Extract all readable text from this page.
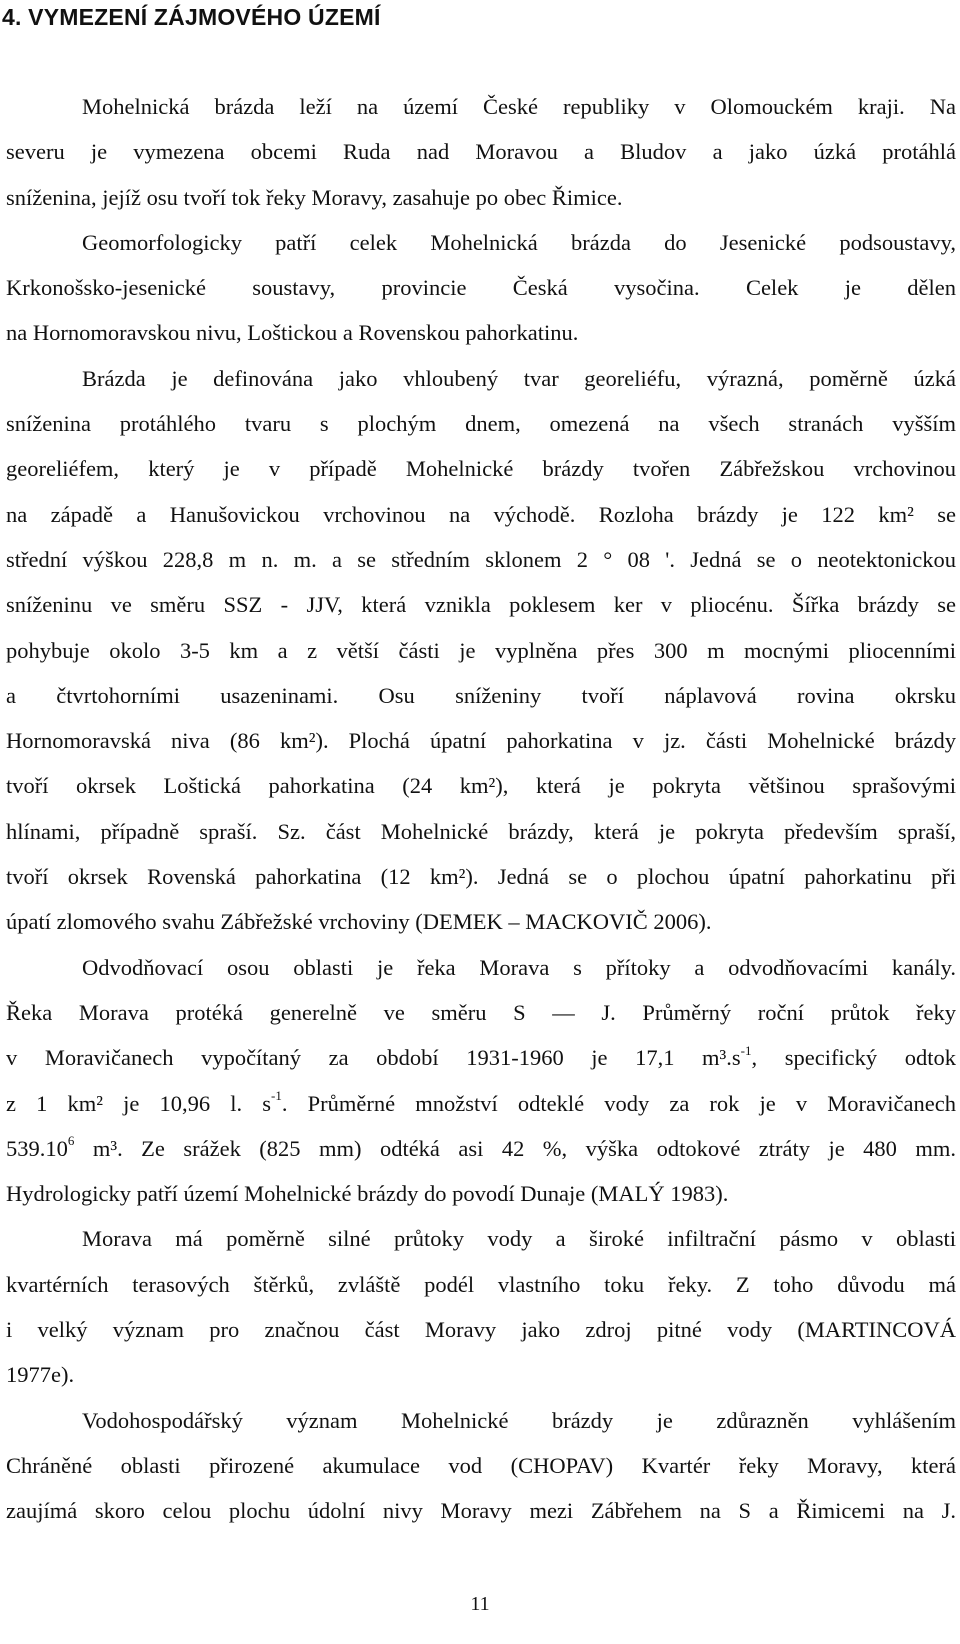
4. VYMEZENÍ ZÁJMOVÉHO ÚZEMÍ
Mohelnická brázda leží na území České republiky v Olomouckém kraji. Na
severu je vymezena obcemi Ruda nad Moravou a Bludov a jako úzká protáhlá
sníženina, jejíž osu tvoří tok řeky Moravy, zasahuje po obec Řimice.
Geomorfologicky patří celek Mohelnická brázda do Jesenické podsoustavy,
Krkonošsko-jesenické soustavy, provincie Česká vysočina. Celek je dělen
na Hornomoravskou nivu, Loštickou a Rovenskou pahorkatinu.
Brázda je definována jako vhloubený tvar georeliéfu, výrazná, poměrně úzká
sníženina protáhlého tvaru s plochým dnem, omezená na všech stranách vyšším
georeliéfem, který je v případě Mohelnické brázdy tvořen Zábřežskou vrchovinou
na západě a Hanušovickou vrchovinou na východě. Rozloha brázdy je 122 km² se
střední výškou 228,8 m n. m. a se středním sklonem 2 ° 08 '. Jedná se o neotektonickou
sníženinu ve směru SSZ - JJV, která vznikla poklesem ker v pliocénu. Šířka brázdy se
pohybuje okolo 3-5 km a z větší části je vyplněna přes 300 m mocnými pliocenními
a čtvrtohorními usazeninami. Osu sníženiny tvoří náplavová rovina okrsku
Hornomoravská niva (86 km²). Plochá úpatní pahorkatina v jz. části Mohelnické brázdy
tvoří okrsek Loštická pahorkatina (24 km²), která je pokryta většinou sprašovými
hlínami, případně spraší. Sz. část Mohelnické brázdy, která je pokryta především spraší,
tvoří okrsek Rovenská pahorkatina (12 km²). Jedná se o plochou úpatní pahorkatinu při
úpatí zlomového svahu Zábřežské vrchoviny (DEMEK – MACKOVIČ 2006).
Odvodňovací osou oblasti je řeka Morava s přítoky a odvodňovacími kanály.
Řeka Morava protéká generelně ve směru S — J. Průměrný roční průtok řeky
v Moravičanech vypočítaný za období 1931-1960 je 17,1 $m^3.s^{-1}$, specifický odtok
z 1 km² je 10,96 l. $s^{-1}$. Průměrné množství odteklé vody za rok je v Moravičanech
539.10$^6$ m³. Ze srážek (825 mm) odtéká asi 42 %, výška odtokové ztráty je 480 mm.
Hydrologicky patří území Mohelnické brázdy do povodí Dunaje (MALÝ 1983).
Morava má poměrně silné průtoky vody a široké infiltrační pásmo v oblasti
kvartérních terasových štěrků, zvláště podél vlastního toku řeky. Z toho důvodu má
i velký význam pro značnou část Moravy jako zdroj pitné vody (MARTINCOVÁ
1977e).
Vodohospodářský význam Mohelnické brázdy je zdůrazněn vyhlášením
Chráněné oblasti přirozené akumulace vod (CHOPAV) Kvartér řeky Moravy, která
zaujímá skoro celou plochu údolní nivy Moravy mezi Zábřehem na S a Řimicemi na J.
11
